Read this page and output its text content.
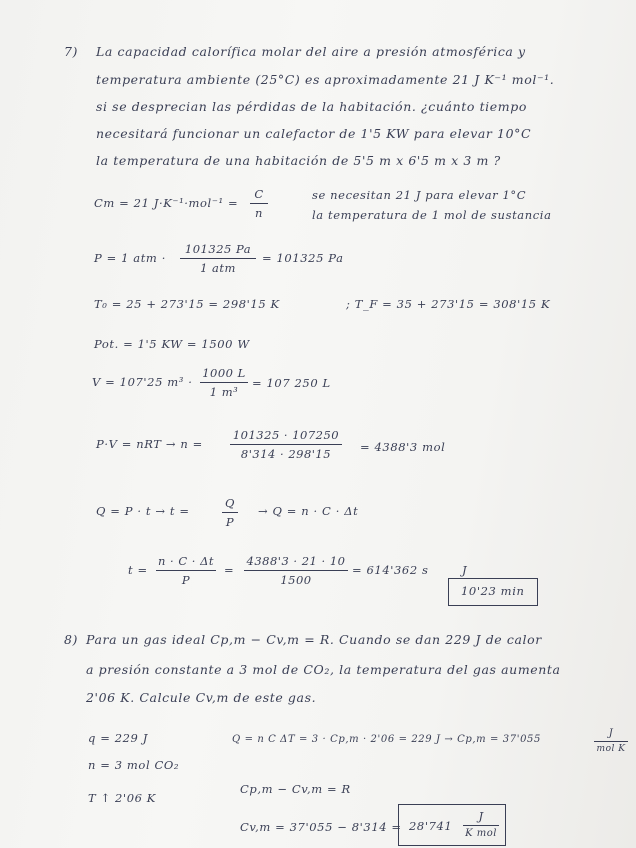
7) La capacidad calorífica molar del aire a presión atmosférica y
temperatura ambiente (25°C) es aproximadamente 21 J K⁻¹ mol⁻¹.
si se desprecian las pérdidas de la habitación. ¿cuánto tiempo
necesitará funcionar un calefactor de 1'5 KW para elevar 10°C
la temperatura de una habitación de 5'5 m x 6'5 m x 3 m ?
Cm = 21 J·K⁻¹·mol⁻¹ =
C
n
se necesitan 21 J para elevar 1°C
la temperatura de 1 mol de sustancia
P = 1 atm ·
101325 Pa
1 atm
= 101325 Pa
T₀ = 25 + 273'15 = 298'15 K	; T_F = 35 + 273'15 = 308'15 K
Pot. = 1'5 KW = 1500 W
V = 107'25 m³ ·
1000 L
1 m³
= 107 250 L
P·V = nRT → n =
101325 · 107250
8'314 · 298'15	= 4388'3 mol
Q = P · t → t =
Q
P
→ Q = n · C · Δt
t =
n · C · Δt
P
=
4388'3 · 21 · 10
1500
= 614'362 s	J
10'23 min
8) Para un gas ideal Cp,m − Cv,m = R. Cuando se dan 229 J de calor
a presión constante a 3 mol de CO₂, la temperatura del gas aumenta
2'06 K. Calcule Cv,m de este gas.
q = 229 J
n = 3 mol CO₂
T ↑ 2'06 K
Q = n C ΔT = 3 · Cp,m · 2'06 = 229 J → Cp,m = 37'055
J
mol K
Cp,m − Cv,m = R
Cv,m = 37'055 − 8'314 = 28'741
J
K mol
